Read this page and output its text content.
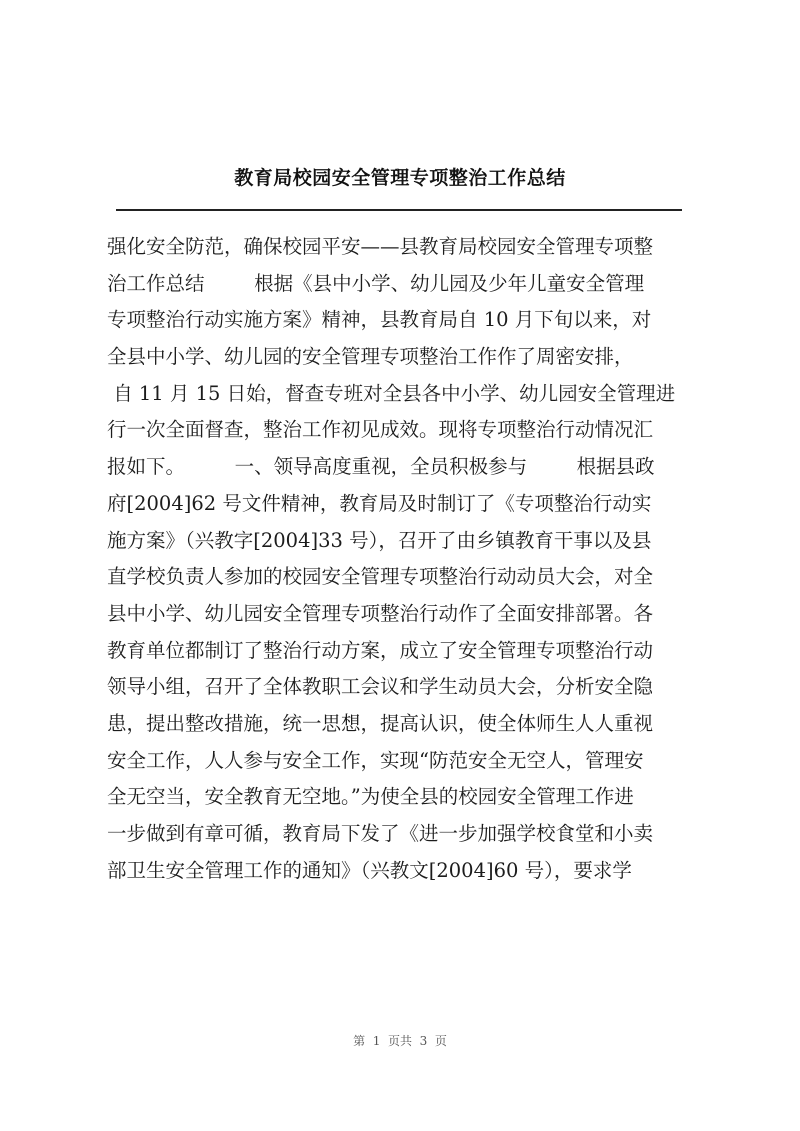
教育局校园安全管理专项整治工作总结
强化安全防范，确保校园平安——县教育局校园安全管理专项整
治工作总结        根据《县中小学、幼儿园及少年儿童安全管理
专项整治行动实施方案》精神，县教育局自 10 月下旬以来，对
全县中小学、幼儿园的安全管理专项整治工作作了周密安排，
自 11 月 15 日始，督查专班对全县各中小学、幼儿园安全管理进
行一次全面督查，整治工作初见成效。现将专项整治行动情况汇
报如下。        一、领导高度重视，全员积极参与        根据县政
府[2004]62 号文件精神，教育局及时制订了《专项整治行动实
施方案》（兴教字[2004]33 号），召开了由乡镇教育干事以及县
直学校负责人参加的校园安全管理专项整治行动动员大会，对全
县中小学、幼儿园安全管理专项整治行动作了全面安排部署。各
教育单位都制订了整治行动方案，成立了安全管理专项整治行动
领导小组，召开了全体教职工会议和学生动员大会，分析安全隐
患，提出整改措施，统一思想，提高认识，使全体师生人人重视
安全工作，人人参与安全工作，实现“防范安全无空人，管理安
全无空当，安全教育无空地。”为使全县的校园安全管理工作进
一步做到有章可循，教育局下发了《进一步加强学校食堂和小卖
部卫生安全管理工作的通知》（兴教文[2004]60 号），要求学
第  1  页共  3  页
